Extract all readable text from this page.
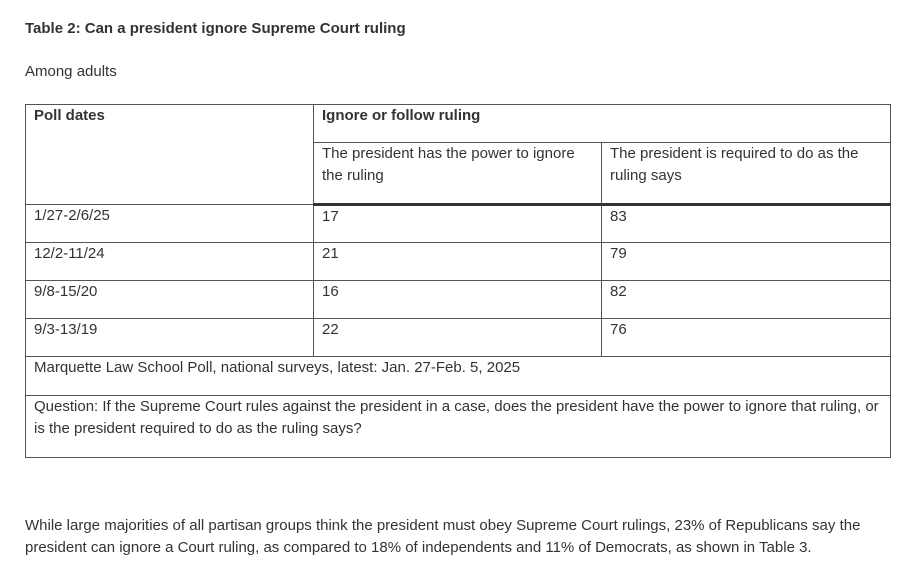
Table 2: Can a president ignore Supreme Court ruling
Among adults
Poll dates	Ignore or follow ruling	
	The president has the power to ignore the ruling	The president is required to do as the ruling says
1/27-2/6/25	17	83
12/2-11/24	21	79
9/8-15/20	16	82
9/3-13/19	22	76
Marquette Law School Poll, national surveys, latest: Jan. 27-Feb. 5, 2025		
Question: If the Supreme Court rules against the president in a case, does the president have the power to ignore that ruling, or is the president required to do as the ruling says?		
While large majorities of all partisan groups think the president must obey Supreme Court rulings, 23% of Republicans say the president can ignore a Court ruling, as compared to 18% of independents and 11% of Democrats, as shown in Table 3.
